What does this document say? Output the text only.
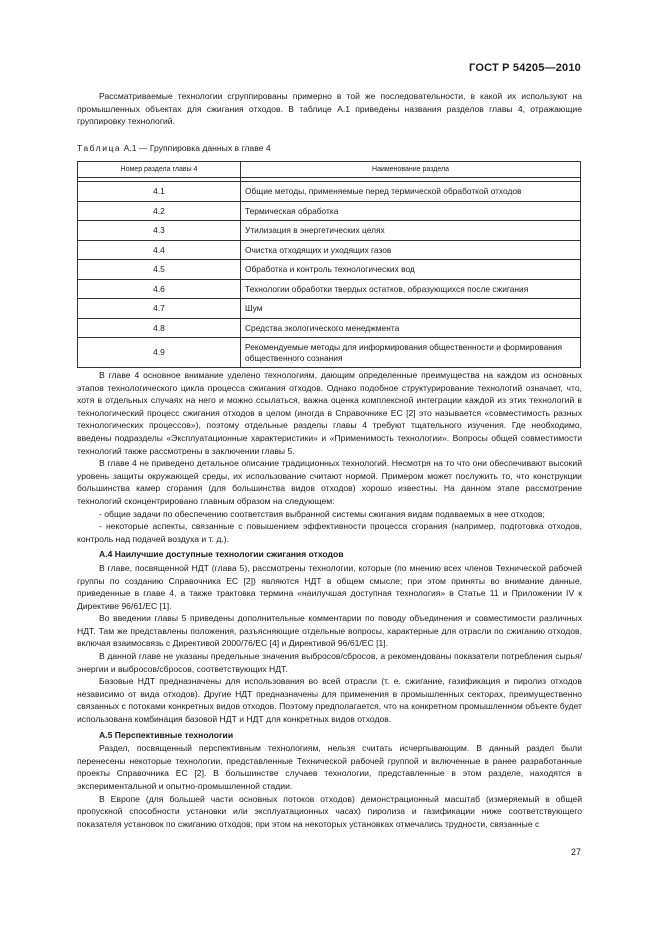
ГОСТ Р 54205—2010

Рассматриваемые технологии сгруппированы примерно в той же последовательности, в какой их используют на промышленных объектах для сжигания отходов. В таблице А.1 приведены названия разделов главы 4, отражающие группировку технологий.

Таблица А.1 — Группировка данных в главе 4
Номер раздела главы 4	Наименование раздела

4.1	Общие методы, применяемые перед термической обработкой отходов
4.2	Термическая обработка
4.3	Утилизация в энергетических целях
4.4	Очистка отходящих и уходящих газов
4.5	Обработка и контроль технологических вод
4.6	Технологии обработки твердых остатков, образующихся после сжигания
4.7	Шум
4.8	Средства экологического менеджмента
4.9	Рекомендуемые методы для информирования общественности и формирования общественного сознания

В главе 4 основное внимание уделено технологиям, дающим определенные преимущества на каждом из основных этапов технологического цикла процесса сжигания отходов. Однако подобное структурирование технологий означает, что, хотя в отдельных случаях на него и можно ссылаться, важна оценка комплексной интеграции каждой из этих технологий в технологический процесс сжигания отходов в целом (иногда в Справочнике ЕС [2] это называется «совместимость разных технологических процессов»), поэтому отдельные разделы главы 4 требуют тщательного изучения. Где необходимо, введены подразделы «Эксплуатационные характеристики» и «Применимость технологии». Вопросы общей совместимости технологий также рассмотрены в заключении главы 5.

В главе 4 не приведено детальное описание традиционных технологий. Несмотря на то что они обеспечивают высокий уровень защиты окружающей среды, их использование считают нормой. Примером может послужить то, что конструкции большинства камер сгорания (для большинства видов отходов) хорошо известны. На данном этапе рассмотрение технологий сконцентрировано главным образом на следующем:

- общие задачи по обеспечению соответствия выбранной системы сжигания видам подаваемых в нее отходов;

- некоторые аспекты, связанные с повышением эффективности процесса сгорания (например, подготовка отходов, контроль над подачей воздуха и т. д.).

А.4 Наилучшие доступные технологии сжигания отходов

В главе, посвященной НДТ (глава 5), рассмотрены технологии, которые (по мнению всех членов Технической рабочей группы по созданию Справочника ЕС [2]) являются НДТ в общем смысле; при этом приняты во внимание данные, приведенные в главе 4, а также трактовка термина «наилучшая доступная технология» в Статье 11 и Приложении IV к Директиве 96/61/ЕС [1].

Во введении главы 5 приведены дополнительные комментарии по поводу объединения и совместимости различных НДТ. Там же представлены положения, разъясняющие отдельные вопросы, характерные для отрасли по сжиганию отходов, включая взаимосвязь с Директивой 2000/76/ЕС [4] и Директивой 96/61/ЕС [1].

В данной главе не указаны предельные значения выбросов/сбросов, а рекомендованы показатели потребления сырья/энергии и выбросов/сбросов, соответствующих НДТ.

Базовые НДТ предназначены для использования во всей отрасли (т. е. сжигание, газификация и пиролиз отходов независимо от вида отходов). Другие НДТ предназначены для применения в промышленных секторах, преимущественно связанных с потоками конкретных видов отходов. Поэтому предполагается, что на конкретном промышленном объекте будет использована комбинация базовой НДТ и НДТ для конкретных видов отходов.

А.5 Перспективные технологии

Раздел, посвященный перспективным технологиям, нельзя считать исчерпывающим. В данный раздел были перенесены некоторые технологии, представленные Технической рабочей группой и включенные в ранее разработанные проекты Справочника ЕС [2]. В большинстве случаев технологии, представленные в этом разделе, находятся в экспериментальной и опытно-промышленной стадии.

В Европе (для большей части основных потоков отходов) демонстрационный масштаб (измеряемый в общей пропускной способности установки или эксплуатационных часах) пиролиза и газификации ниже соответствующего показателя установок по сжиганию отходов; при этом на некоторых установках отмечались трудности, связанные с

27
